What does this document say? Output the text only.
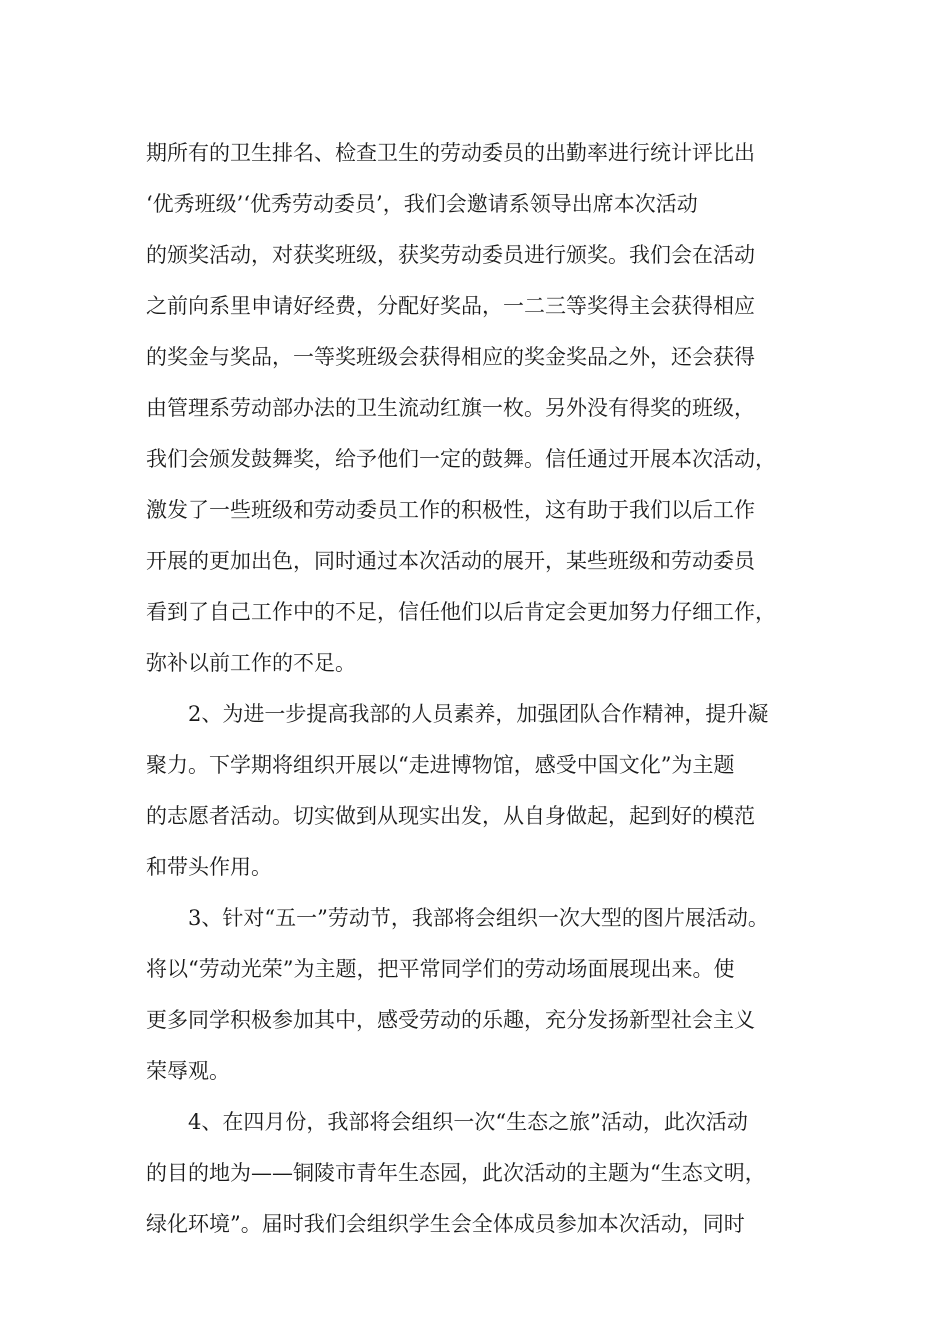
期所有的卫生排名、检查卫生的劳动委员的出勤率进行统计评比出
‘优秀班级’‘优秀劳动委员’，我们会邀请系领导出席本次活动
的颁奖活动，对获奖班级，获奖劳动委员进行颁奖。我们会在活动
之前向系里申请好经费，分配好奖品，一二三等奖得主会获得相应
的奖金与奖品，一等奖班级会获得相应的奖金奖品之外，还会获得
由管理系劳动部办法的卫生流动红旗一枚。另外没有得奖的班级，
我们会颁发鼓舞奖，给予他们一定的鼓舞。信任通过开展本次活动，
激发了一些班级和劳动委员工作的积极性，这有助于我们以后工作
开展的更加出色，同时通过本次活动的展开，某些班级和劳动委员
看到了自己工作中的不足，信任他们以后肯定会更加努力仔细工作，
弥补以前工作的不足。
2、为进一步提高我部的人员素养，加强团队合作精神，提升凝
聚力。下学期将组织开展以“走进博物馆，感受中国文化”为主题
的志愿者活动。切实做到从现实出发，从自身做起，起到好的模范
和带头作用。
3、针对“五一”劳动节，我部将会组织一次大型的图片展活动。
将以“劳动光荣”为主题，把平常同学们的劳动场面展现出来。使
更多同学积极参加其中，感受劳动的乐趣，充分发扬新型社会主义
荣辱观。
4、在四月份，我部将会组织一次“生态之旅”活动，此次活动
的目的地为——铜陵市青年生态园，此次活动的主题为“生态文明，
绿化环境”。届时我们会组织学生会全体成员参加本次活动，同时
